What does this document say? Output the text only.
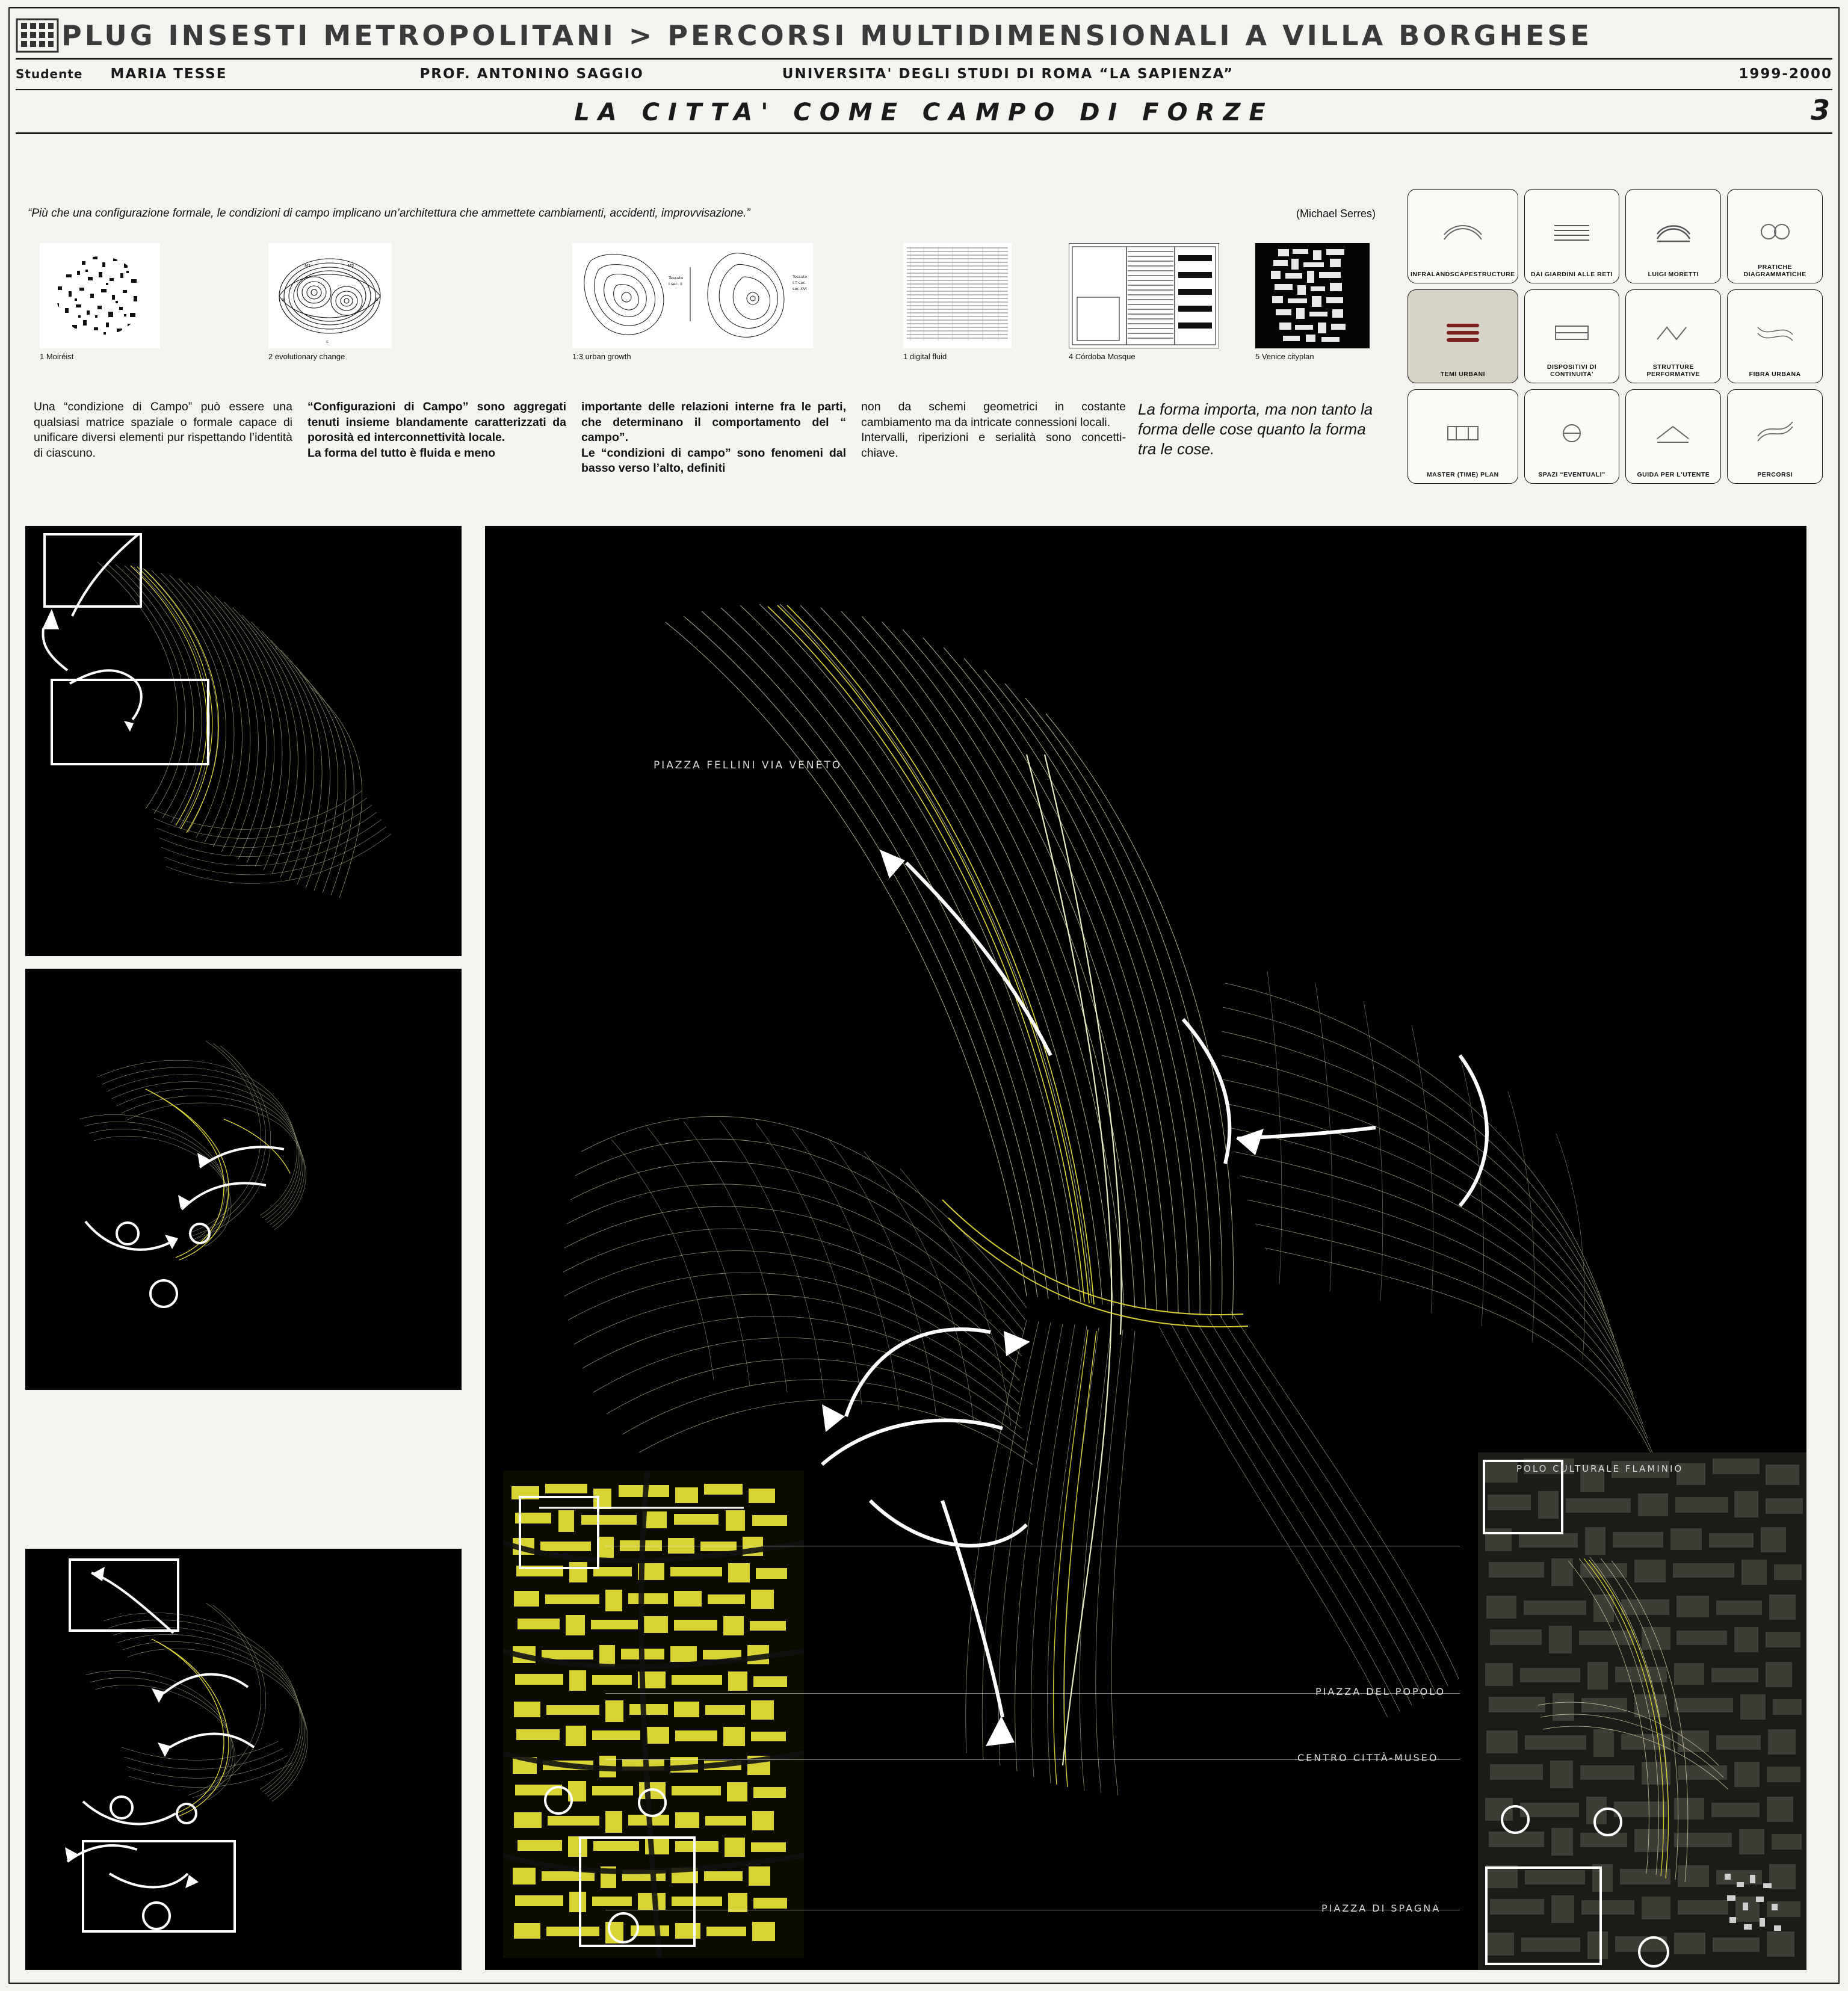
PLUG INSESTI METROPOLITANI > PERCORSI MULTIDIMENSIONALI A VILLA BORGHESE
Studente MARIA TESSE	PROF. ANTONINO SAGGIO	UNIVERSITA' DEGLI STUDI DI ROMA “LA SAPIENZA”	1999-2000
LA CITTA' COME CAMPO DI FORZE	3
“Più che una configurazione formale, le condizioni di campo implicano un’architettura che ammettete cambiamenti, accidenti, improvvisazione.”	(Michael Serres)
1 Moiréist
M1	M2
a	b
c
2 evolutionary change
Tessuto
I sec. II
Tessuto
I.T sec.
sec.XVI
1:3 urban growth	1 digital fluid	4 Córdoba Mosque	5 Venice cityplan

Una “condizione di Campo” può essere una qualsiasi matrice spaziale o formale capace di unificare diversi elementi pur rispettando l’identità di ciascuno.

“Configurazioni di Campo” sono aggregati tenuti insieme blandamente caratterizzati da porosità ed interconnettività locale.

La forma del tutto è fluida e meno

importante delle relazioni interne fra le parti, che determinano il comportamento del “ campo”.

Le “condizioni di campo” sono fenomeni dal basso verso l’alto, definiti

non da schemi geometrici in costante cambiamento ma da intricate connessioni locali.

Intervalli, riperizioni e serialità sono concetti-chiave.

La forma importa, ma non tanto la forma delle cose quanto la forma tra le cose.

INFRALANDSCAPESTRUCTURE	DAI GIARDINI ALLE RETI	LUIGI MORETTI
PRATICHE DIAGRAMMATICHE
TEMI URBANI
DISPOSITIVI DI CONTINUITA'
STRUTTURE PERFORMATIVE	FIBRA URBANA
MASTER (TIME) PLAN	SPAZI “EVENTUALI”	GUIDA PER L'UTENTE	PERCORSI
PIAZZA FELLINI VIA VENETO
POLO CULTURALE FLAMINIO
PIAZZA DEL POPOLO
CENTRO CITTÀ-MUSEO
PIAZZA DI SPAGNA
